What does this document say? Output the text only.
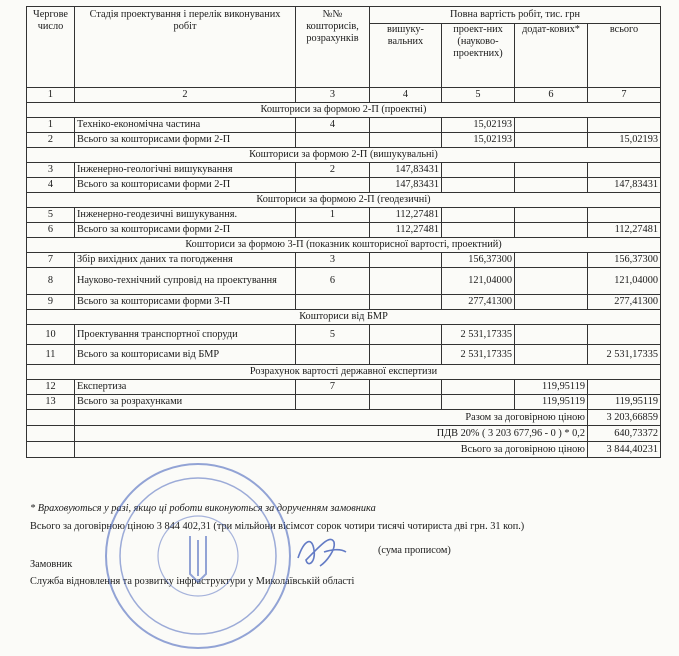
Чергове число	Стадія проектування і перелік виконуваних робіт	№№ кошторисів, розрахунків	Повна вартість робіт, тис. грн			
			вишуку-вальних	проект-них (науково-проектних)	додат-кових*	всього
1	2	3	4	5	6	7
Кошториси за формою 2-П (проектні)						
1	Техніко-економічна частина	4		15,02193		
2	Всього за кошторисами форми 2-П			15,02193		15,02193
Кошториси за формою 2-П (вишукувальні)						
3	Інженерно-геологічні вишукування	2	147,83431			
4	Всього за кошторисами форми 2-П		147,83431			147,83431
Кошториси за формою 2-П (геодезичні)						
5	Інженерно-геодезичні вишукування.	1	112,27481			
6	Всього за кошторисами форми 2-П		112,27481			112,27481
Кошториси за формою 3-П (показник кошторисної вартості, проектний)						
7	Збір вихідних даних та погодження	3		156,37300		156,37300
8	Науково-технічний супровід на проектування	6		121,04000		121,04000
9	Всього за кошторисами форми 3-П			277,41300		277,41300
Кошториси від БМР						
10	Проектування транспортної споруди	5		2 531,17335		
11	Всього за кошторисами від БМР			2 531,17335		2 531,17335
Розрахунок вартості державної експертизи						
12	Експертиза	7			119,95119	
13	Всього за розрахунками				119,95119	119,95119
	Разом за договірною ціною					3 203,66859
	ПДВ 20% ( 3 203 677,96 - 0 ) * 0,2					640,73372
	Всього за договірною ціною					3 844,40231
* Враховуються у разі, якщо ці роботи виконуються за дорученням замовника
Всього за договірною ціною 3 844 402,31 (три мільйони вісімсот сорок чотири тисячі чотириста дві грн. 31 коп.)
(сума прописом)
Замовник
Служба відновлення та розвитку інфраструктури у Миколаївській області
